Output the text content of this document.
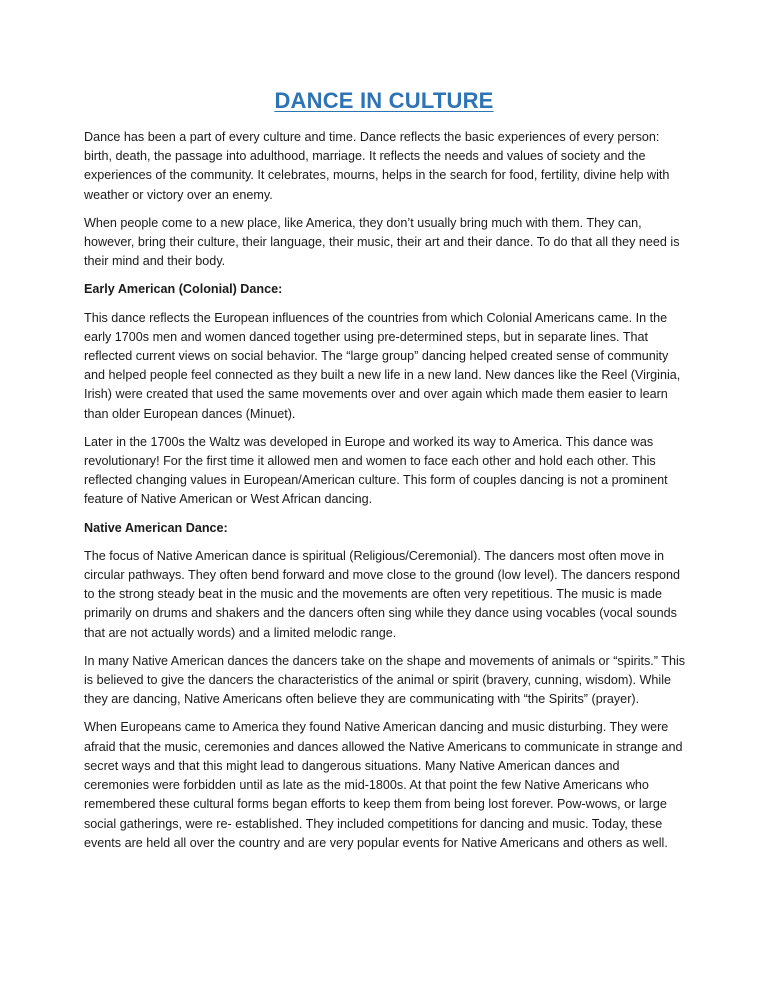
DANCE IN CULTURE

Dance has been a part of every culture and time. Dance reflects the basic experiences of every person: birth, death, the passage into adulthood, marriage. It reflects the needs and values of society and the experiences of the community. It celebrates, mourns, helps in the search for food, fertility, divine help with weather or victory over an enemy.

When people come to a new place, like America, they don’t usually bring much with them. They can, however, bring their culture, their language, their music, their art and their dance. To do that all they need is their mind and their body.

Early American (Colonial) Dance:

This dance reflects the European influences of the countries from which Colonial Americans came. In the early 1700s men and women danced together using pre-determined steps, but in separate lines. That reflected current views on social behavior. The “large group” dancing helped created sense of community and helped people feel connected as they built a new life in a new land. New dances like the Reel (Virginia, Irish) were created that used the same movements over and over again which made them easier to learn than older European dances (Minuet).

Later in the 1700s the Waltz was developed in Europe and worked its way to America. This dance was revolutionary! For the first time it allowed men and women to face each other and hold each other. This reflected changing values in European/American culture. This form of couples dancing is not a prominent feature of Native American or West African dancing.

Native American Dance:

The focus of Native American dance is spiritual (Religious/Ceremonial). The dancers most often move in circular pathways. They often bend forward and move close to the ground (low level). The dancers respond to the strong steady beat in the music and the movements are often very repetitious. The music is made primarily on drums and shakers and the dancers often sing while they dance using vocables (vocal sounds that are not actually words) and a limited melodic range.

In many Native American dances the dancers take on the shape and movements of animals or “spirits.” This is believed to give the dancers the characteristics of the animal or spirit (bravery, cunning, wisdom). While they are dancing, Native Americans often believe they are communicating with “the Spirits” (prayer).

When Europeans came to America they found Native American dancing and music disturbing. They were afraid that the music, ceremonies and dances allowed the Native Americans to communicate in strange and secret ways and that this might lead to dangerous situations. Many Native American dances and ceremonies were forbidden until as late as the mid-1800s. At that point the few Native Americans who remembered these cultural forms began efforts to keep them from being lost forever. Pow-wows, or large social gatherings, were re- established. They included competitions for dancing and music. Today, these events are held all over the country and are very popular events for Native Americans and others as well.
